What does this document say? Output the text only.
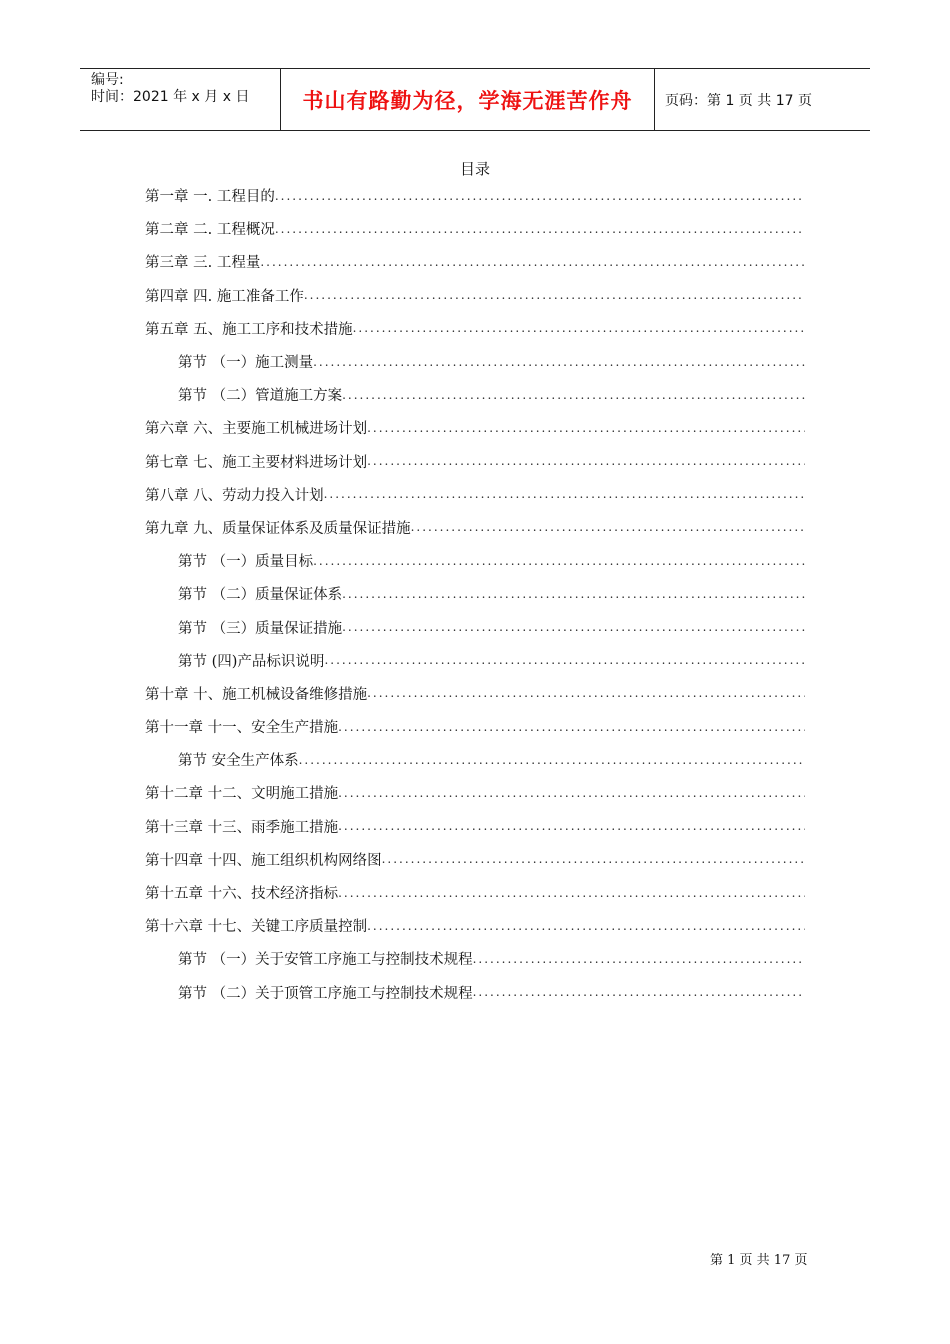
编号:
时间：2021 年 x 月 x 日	书山有路勤为径，学海无涯苦作舟	页码：第 1 页 共 17 页
目录
第一章 一. 工程目的
.....
第二章 二. 工程概况
.....
第三章 三. 工程量
.....
第四章 四. 施工准备工作
.....
第五章 五、施工工序和技术措施
.....
第节 （一）施工测量
.....
第节 （二）管道施工方案
.....
第六章 六、主要施工机械进场计划
.....
第七章 七、施工主要材料进场计划
.....
第八章 八、劳动力投入计划
.....
第九章 九、质量保证体系及质量保证措施
.....
第节 （一）质量目标
.....
第节 （二）质量保证体系
.....
第节 （三）质量保证措施
.....
第节 (四)产品标识说明
.....
第十章 十、施工机械设备维修措施
.....
第十一章 十一、安全生产措施
.....
第节 安全生产体系
.....
第十二章 十二、文明施工措施
.....
第十三章 十三、雨季施工措施
.....
第十四章 十四、施工组织机构网络图
.....
第十五章 十六、技术经济指标
.....
第十六章 十七、关键工序质量控制
.....
第节 （一）关于安管工序施工与控制技术规程
.....
第节 （二）关于顶管工序施工与控制技术规程
.....
第 1 页 共 17 页
